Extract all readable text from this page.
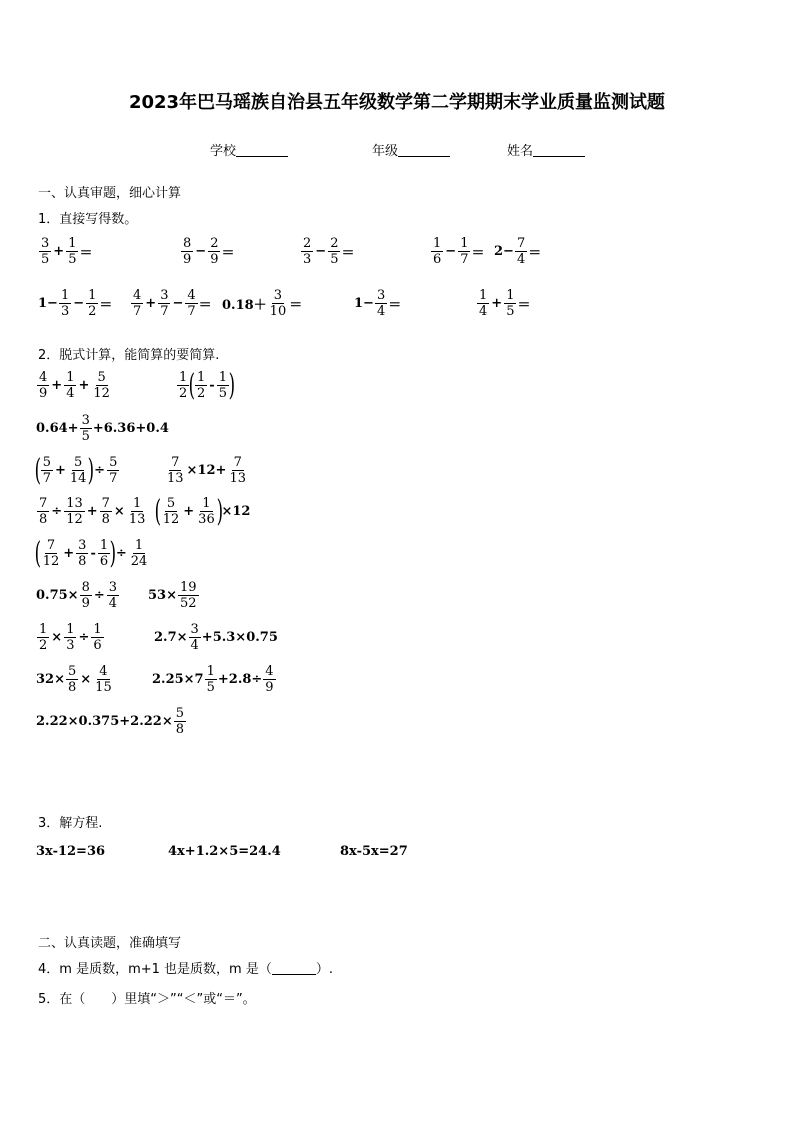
2023年巴马瑶族自治县五年级数学第二学期期末学业质量监测试题
学校	年级	姓名
一、认真审题，细心计算
1．直接写得数。
3
5
+ $\frac{1}{5}$ ＝
8
9
− $\frac{2}{9}$ ＝
2
3
− $\frac{2}{5}$ ＝
1
6
− $\frac{1}{7} = 2- \frac{7}{4}$ ＝
$1- \frac{1}{3} - \frac{1}{2}$ ＝
4
7
+ $\frac{3}{7} - \frac{4}{7} = 0.18+$
3
10 ＝	$1- \frac{3}{4}$ ＝
1
4
+ $\frac{1}{5}$ ＝
2．脱式计算，能简算的要简算.
4
9
+ $\frac{1}{4} + \frac{5}{12}$	1
2 ( 1
2
-
1
5 )
$0.64+ \frac{3}{5} +6.36+0.4$
( 5
7
+ $\frac{5}{14}$ ) ÷ $\frac{5}{7}$	$\frac{7}{13} \times 12+ \frac{7}{13}$
$\frac{7}{8} \div \frac{13}{12} + \frac{7}{8} \times \frac{1}{13}$ ( 5
12
+ $\frac{1}{36}$ )
×12
( 7
12
+ $\frac{3}{8}$ -
1
6 ) ÷ $\frac{1}{24}$
$0.75\times \frac{8}{9} \div \frac{3}{4} 53\times \frac{19}{52}$
$\frac{1}{2} \times \frac{1}{3} \div \frac{1}{6}$	$2.7\times \frac{3}{4} +5.3\times 0.75$
$32\times \frac{5}{8} \times \frac{4}{15}$	2.25×7
1
5
$+2.8\div \frac{4}{9}$
$2.22\times 0.375+2.22\times \frac{5}{8}$
3．解方程.
3x-12=36	4x+1.2×5=24.4	8x-5x=27
二、认真读题，准确填写
4．m 是质数，m+1 也是质数，m 是（	）.
5．在（　　）里填“＞”“＜”或“＝”。
